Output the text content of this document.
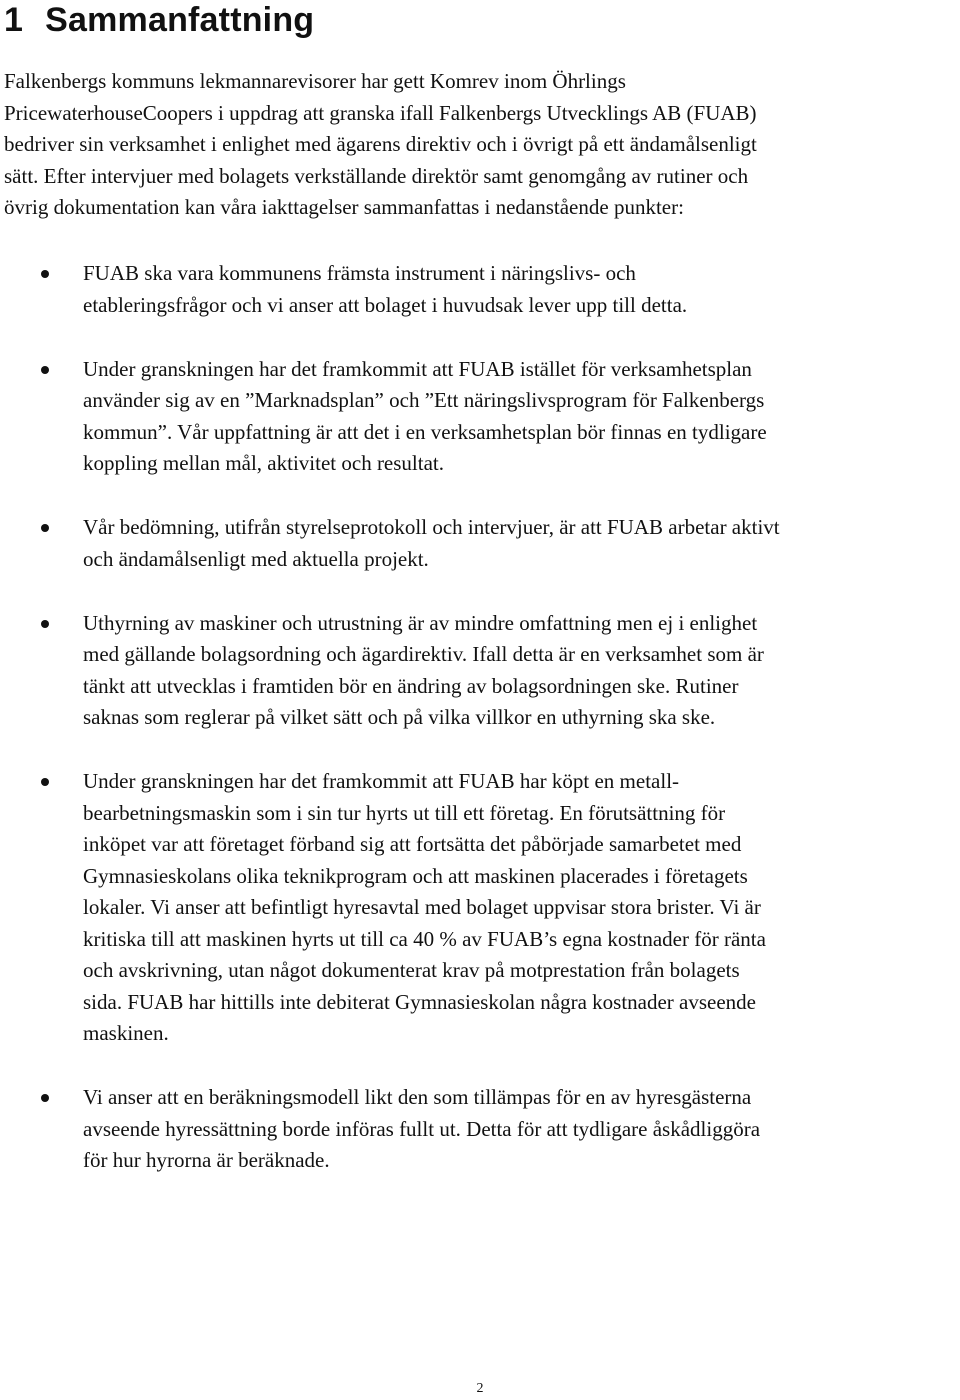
1 Sammanfattning

Falkenbergs kommuns lekmannarevisorer har gett Komrev inom Öhrlings
PricewaterhouseCoopers i uppdrag att granska ifall Falkenbergs Utvecklings AB (FUAB)
bedriver sin verksamhet i enlighet med ägarens direktiv och i övrigt på ett ändamålsenligt
sätt. Efter intervjuer med bolagets verkställande direktör samt genomgång av rutiner och
övrig dokumentation kan våra iakttagelser sammanfattas i nedanstående punkter:

FUAB ska vara kommunens främsta instrument i näringslivs- och
etableringsfrågor och vi anser att bolaget i huvudsak lever upp till detta.
Under granskningen har det framkommit att FUAB istället för verksamhetsplan
använder sig av en ”Marknadsplan” och ”Ett näringslivsprogram för Falkenbergs
kommun”. Vår uppfattning är att det i en verksamhetsplan bör finnas en tydligare
koppling mellan mål, aktivitet och resultat.
Vår bedömning, utifrån styrelseprotokoll och intervjuer, är att FUAB arbetar aktivt
och ändamålsenligt med aktuella projekt.
Uthyrning av maskiner och utrustning är av mindre omfattning men ej i enlighet
med gällande bolagsordning och ägardirektiv. Ifall detta är en verksamhet som är
tänkt att utvecklas i framtiden bör en ändring av bolagsordningen ske. Rutiner
saknas som reglerar på vilket sätt och på vilka villkor en uthyrning ska ske.
Under granskningen har det framkommit att FUAB har köpt en metall-
bearbetningsmaskin som i sin tur hyrts ut till ett företag. En förutsättning för
inköpet var att företaget förband sig att fortsätta det påbörjade samarbetet med
Gymnasieskolans olika teknikprogram och att maskinen placerades i företagets
lokaler. Vi anser att befintligt hyresavtal med bolaget uppvisar stora brister. Vi är
kritiska till att maskinen hyrts ut till ca 40 % av FUAB’s egna kostnader för ränta
och avskrivning, utan något dokumenterat krav på motprestation från bolagets
sida. FUAB har hittills inte debiterat Gymnasieskolan några kostnader avseende
maskinen.
Vi anser att en beräkningsmodell likt den som tillämpas för en av hyresgästerna
avseende hyressättning borde införas fullt ut. Detta för att tydligare åskådliggöra
för hur hyrorna är beräknade.
2
